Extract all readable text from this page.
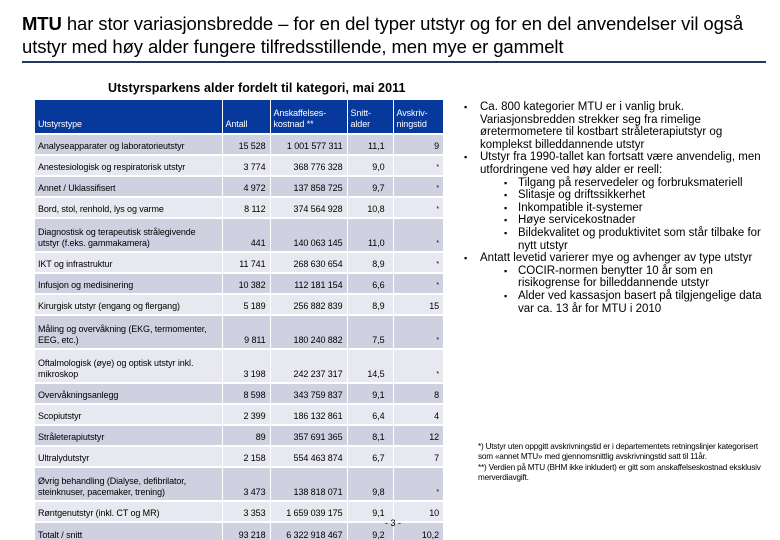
MTU har stor variasjonsbredde – for en del typer utstyr og for en del anvendelser vil også utstyr med høy alder fungere tilfredsstillende, men mye er gammelt
Utstyrsparkens alder fordelt til kategori, mai 2011
Utstyrstype	Antall	Anskaffelses-kostnad **	Snitt-alder	Avskriv-ningstid
Analyseapparater og laboratorieutstyr	15 528	1 001 577 311	11,1	9
Anestesiologisk og respiratorisk utstyr	3 774	368 776 328	9,0	*
Annet / Uklassifisert	4 972	137 858 725	9,7	*
Bord, stol, renhold, lys og varme	8 112	374 564 928	10,8	*
Diagnostisk og terapeutisk strålegivende utstyr (f.eks. gammakamera)	441	140 063 145	11,0	*
IKT og infrastruktur	11 741	268 630 654	8,9	*
Infusjon og medisinering	10 382	112 181 154	6,6	*
Kirurgisk utstyr (engang og flergang)	5 189	256 882 839	8,9	15
Måling og overvåkning (EKG, termomenter, EEG, etc.)	9 811	180 240 882	7,5	*
Oftalmologisk (øye) og optisk utstyr inkl. mikroskop	3 198	242 237 317	14,5	*
Overvåkningsanlegg	8 598	343 759 837	9,1	8
Scopiutstyr	2 399	186 132 861	6,4	4
Stråleterapiutstyr	89	357 691 365	8,1	12
Ultralydutstyr	2 158	554 463 874	6,7	7
Øvrig behandling (Dialyse, defibrilator, steinknuser, pacemaker, trening)	3 473	138 818 071	9,8	*
Røntgenutstyr (inkl. CT og MR)	3 353	1 659 039 175	9,1	10
Totalt / snitt	93 218	6 322 918 467	9,2	10,2
▪ Ca. 800 kategorier MTU er i vanlig bruk. Variasjonsbredden strekker seg fra rimelige øretermometere til kostbart stråleterapiutstyr og komplekst billeddannende utstyr
▪ Utstyr fra 1990-tallet kan fortsatt være anvendelig, men utfordringene ved høy alder er reell:
▪ Tilgang på reservedeler og forbruksmateriell
▪ Slitasje og driftssikkerhet
▪ Inkompatible it-systemer
▪ Høye servicekostnader
▪ Bildekvalitet og produktivitet som står tilbake for nytt utstyr
▪ Antatt levetid varierer mye og avhenger av type utstyr
▪ COCIR-normen benytter 10 år som en risikogrense for billeddannende utstyr
▪ Alder ved kassasjon basert på tilgjengelige data var ca. 13 år for MTU i 2010
*) Utstyr uten oppgitt avskrivningstid er i departementets retningslinjer kategorisert som «annet MTU» med gjennomsnittlig avskrivningstid satt til 11år.
**) Verdien på MTU (BHM ikke inkludert) er gitt som anskaffelseskostnad eksklusiv merverdiavgift.
- 3 -
